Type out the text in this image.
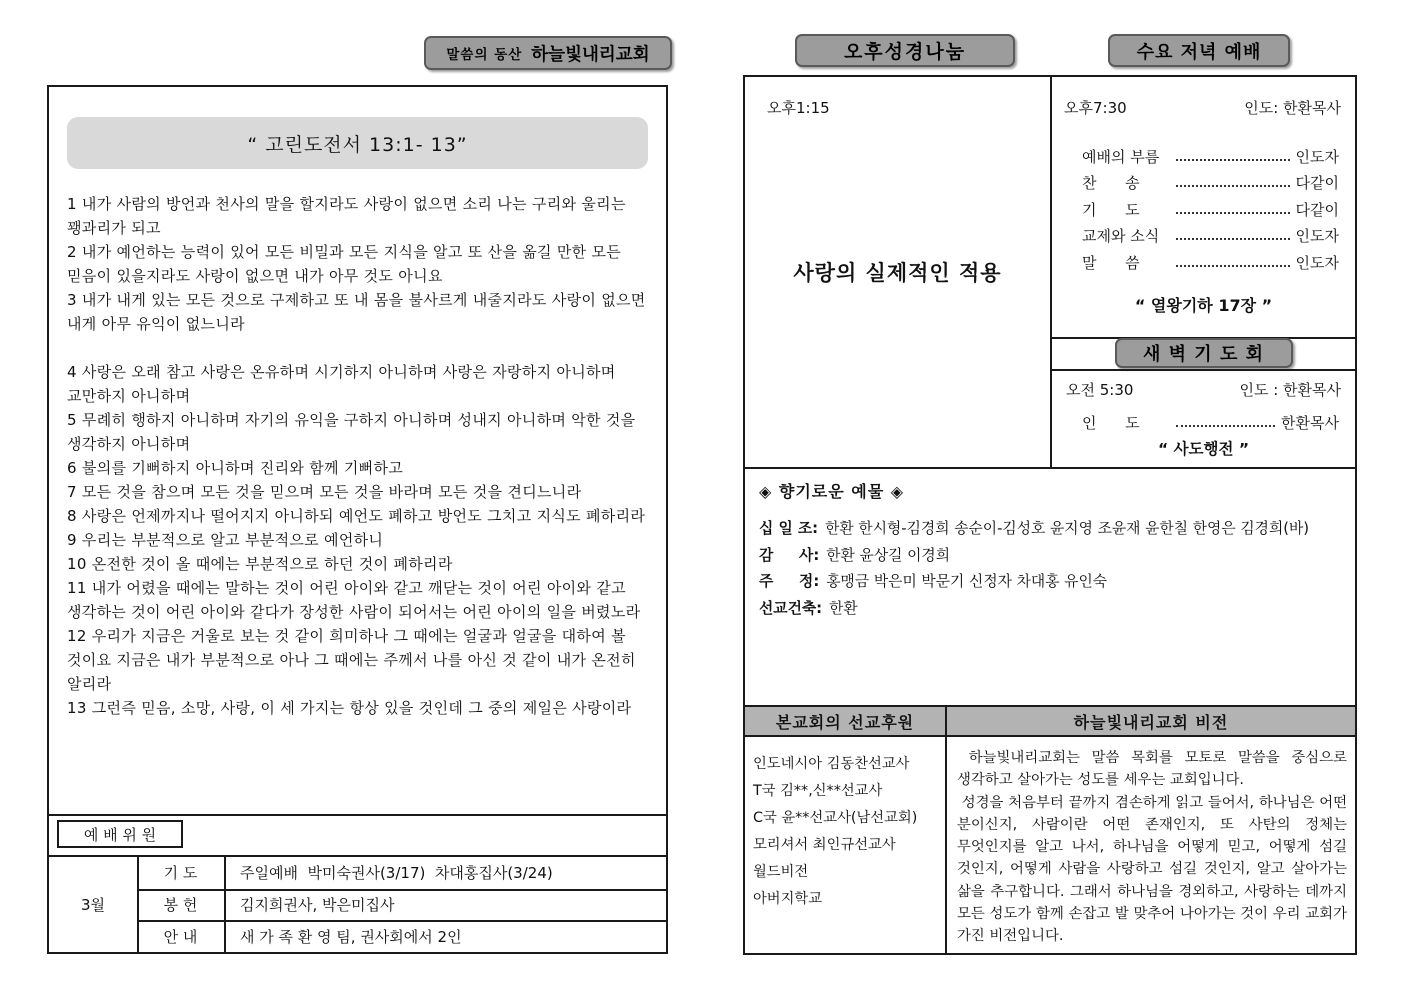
말씀의 동산 하늘빛내리교회
“ 고린도전서 13:1- 13”

1 내가 사람의 방언과 천사의 말을 할지라도 사랑이 없으면 소리 나는 구리와 울리는 꽹과리가 되고

2 내가 예언하는 능력이 있어 모든 비밀과 모든 지식을 알고 또 산을 옮길 만한 모든 믿음이 있을지라도 사랑이 없으면 내가 아무 것도 아니요

3 내가 내게 있는 모든 것으로 구제하고 또 내 몸을 불사르게 내줄지라도 사랑이 없으면 내게 아무 유익이 없느니라

4 사랑은 오래 참고 사랑은 온유하며 시기하지 아니하며 사랑은 자랑하지 아니하며 교만하지 아니하며

5 무례히 행하지 아니하며 자기의 유익을 구하지 아니하며 성내지 아니하며 악한 것을 생각하지 아니하며

6 불의를 기뻐하지 아니하며 진리와 함께 기뻐하고

7 모든 것을 참으며 모든 것을 믿으며 모든 것을 바라며 모든 것을 견디느니라

8 사랑은 언제까지나 떨어지지 아니하되 예언도 폐하고 방언도 그치고 지식도 폐하리라

9 우리는 부분적으로 알고 부분적으로 예언하니

10 온전한 것이 올 때에는 부분적으로 하던 것이 폐하리라

11 내가 어렸을 때에는 말하는 것이 어린 아이와 같고 깨닫는 것이 어린 아이와 같고 생각하는 것이 어린 아이와 같다가 장성한 사람이 되어서는 어린 아이의 일을 버렸노라

12 우리가 지금은 거울로 보는 것 같이 희미하나 그 때에는 얼굴과 얼굴을 대하여 볼 것이요 지금은 내가 부분적으로 아나 그 때에는 주께서 나를 아신 것 같이 내가 온전히 알리라

13 그런즉 믿음, 소망, 사랑, 이 세 가지는 항상 있을 것인데 그 중의 제일은 사랑이라

예 배 위 원
3월
기 도	주일예배  박미숙권사(3/17)  차대홍집사(3/24)
봉 헌	김지희권사, 박은미집사
안 내	새 가 족 환 영 팀, 권사회에서 2인
오후성경나눔	수요 저녁 예배
오후1:15
사랑의 실제적인 적용
오후7:30	인도: 한환목사
예배의 부름	인도자
찬      송	다같이
기      도	다같이
교제와 소식	인도자
말      씀	인도자
“ 열왕기하 17장 ”
새 벽 기 도 회
오전 5:30	인도 : 한환목사
인      도	한환목사
“ 사도행전 ”
◈ 향기로운 예물 ◈
십 일 조: 한환 한시형-김경희 송순이-김성호 윤지영 조윤재 윤한칠 한영은 김경희(바)
감     사: 한환 윤상길 이경희
주     정: 홍맹금 박은미 박문기 신정자 차대홍 유인숙
선교건축: 한환
본교회의 선교후원	하늘빛내리교회 비전
인도네시아 김동찬선교사
T국 김**,신**선교사
C국 윤**선교사(남선교회)
모리셔서 최인규선교사
월드비전
아버지학교

하늘빛내리교회는 말씀 목회를 모토로 말씀을 중심으로 생각하고 살아가는 성도를 세우는 교회입니다.

성경을 처음부터 끝까지 겸손하게 읽고 들어서, 하나님은 어떤 분이신지, 사람이란 어떤 존재인지, 또 사탄의 정체는 무엇인지를 알고 나서, 하나님을 어떻게 믿고, 어떻게 섬길 것인지, 어떻게 사람을 사랑하고 섬길 것인지, 알고 살아가는 삶을 추구합니다. 그래서 하나님을 경외하고, 사랑하는 데까지 모든 성도가 함께 손잡고 발 맞추어 나아가는 것이 우리 교회가 가진 비전입니다.
